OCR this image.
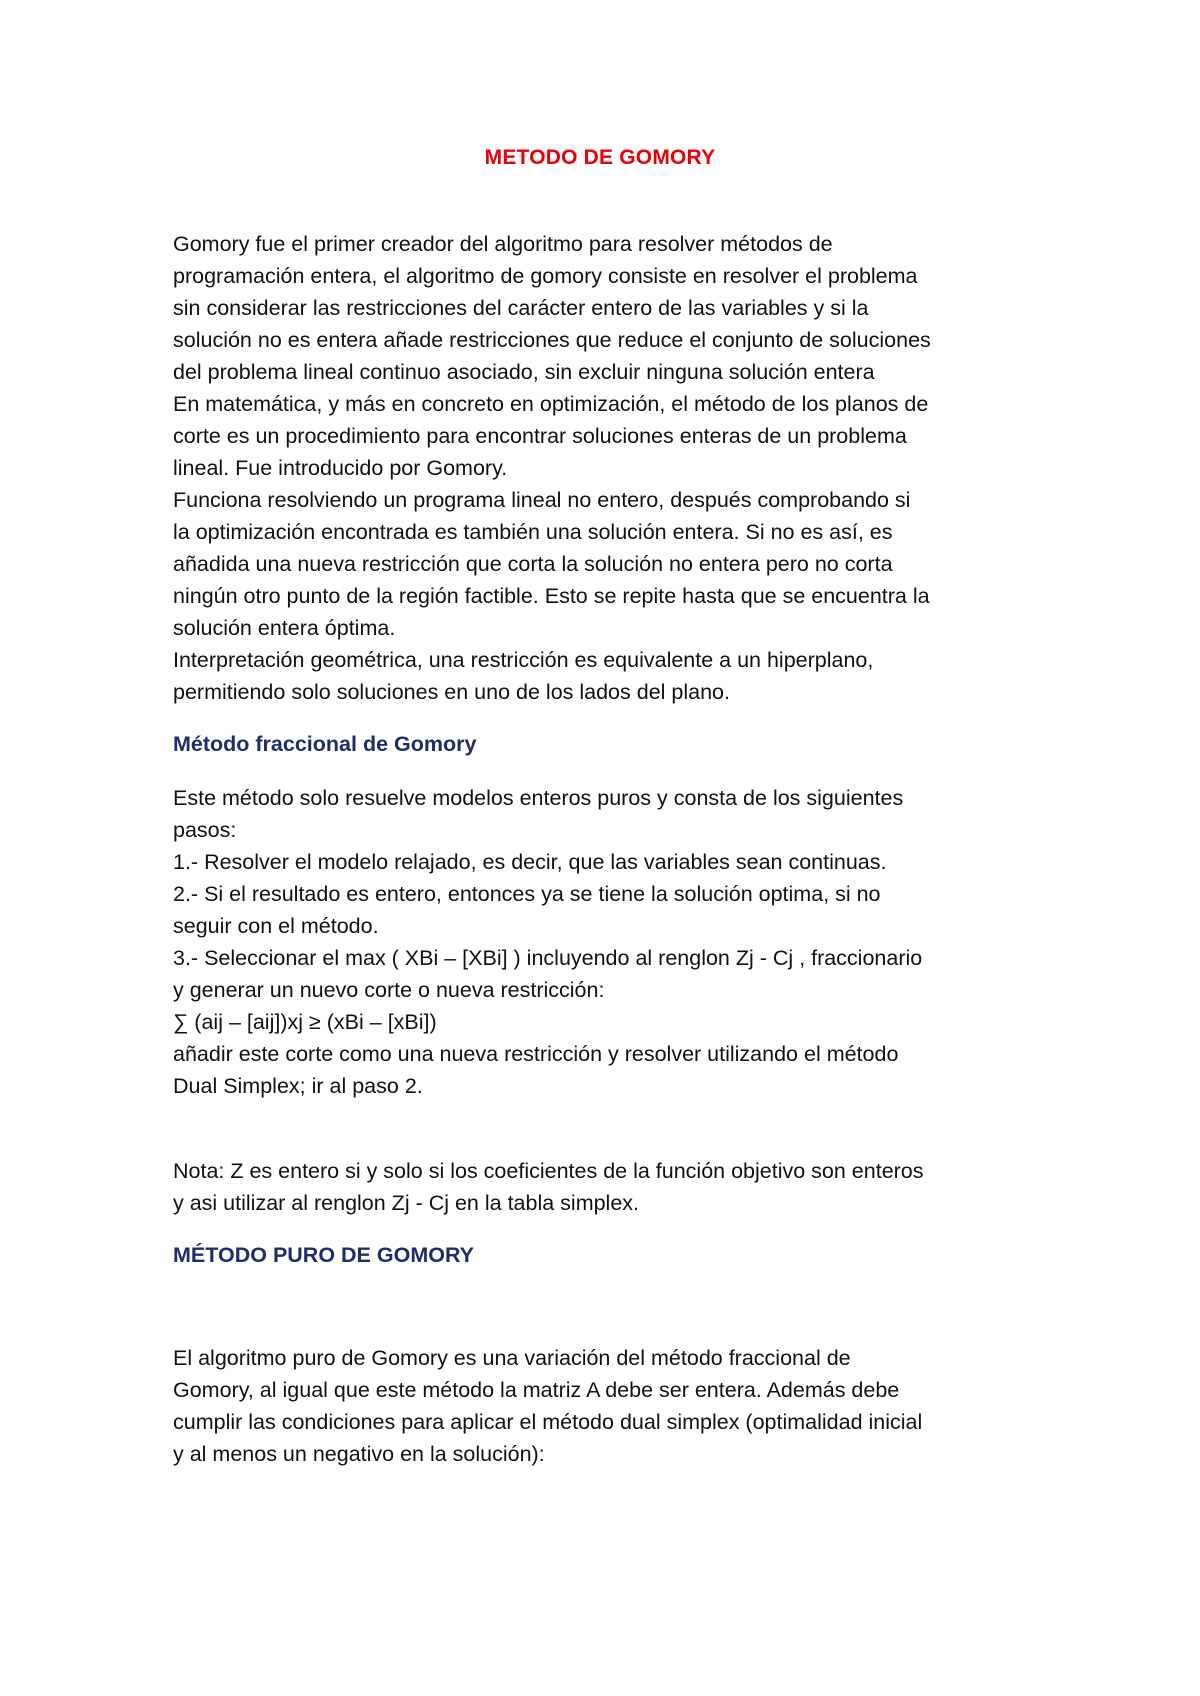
METODO DE GOMORY
Gomory fue el primer creador del algoritmo para resolver métodos de
programación entera, el algoritmo de gomory consiste en resolver el problema
sin considerar las restricciones del carácter entero de las variables y si la
solución no es entera añade restricciones que reduce el conjunto de soluciones
del problema lineal continuo asociado, sin excluir ninguna solución entera
En matemática, y más en concreto en optimización, el método de los planos de
corte es un procedimiento para encontrar soluciones enteras de un problema
lineal. Fue introducido por Gomory.
Funciona resolviendo un programa lineal no entero, después comprobando si
la optimización encontrada es también una solución entera. Si no es así, es
añadida una nueva restricción que corta la solución no entera pero no corta
ningún otro punto de la región factible. Esto se repite hasta que se encuentra la
solución entera óptima.
Interpretación geométrica, una restricción es equivalente a un hiperplano,
permitiendo solo soluciones en uno de los lados del plano.
Método fraccional de Gomory
Este método solo resuelve modelos enteros puros y consta de los siguientes
pasos:
1.- Resolver el modelo relajado, es decir, que las variables sean continuas.
2.- Si el resultado es entero, entonces ya se tiene la solución optima, si no
seguir con el método.
3.- Seleccionar el max ( XBi – [XBi] ) incluyendo al renglon Zj - Cj , fraccionario
y generar un nuevo corte o nueva restricción:
∑ (aij – [aij])xj ≥ (xBi – [xBi])
añadir este corte como una nueva restricción y resolver utilizando el método
Dual Simplex; ir al paso 2.
Nota: Z es entero si y solo si los coeficientes de la función objetivo son enteros
y asi utilizar al renglon Zj - Cj en la tabla simplex.
MÉTODO PURO DE GOMORY
El algoritmo puro de Gomory es una variación del método fraccional de
Gomory, al igual que este método la matriz A debe ser entera. Además debe
cumplir las condiciones para aplicar el método dual simplex (optimalidad inicial
y al menos un negativo en la solución):
